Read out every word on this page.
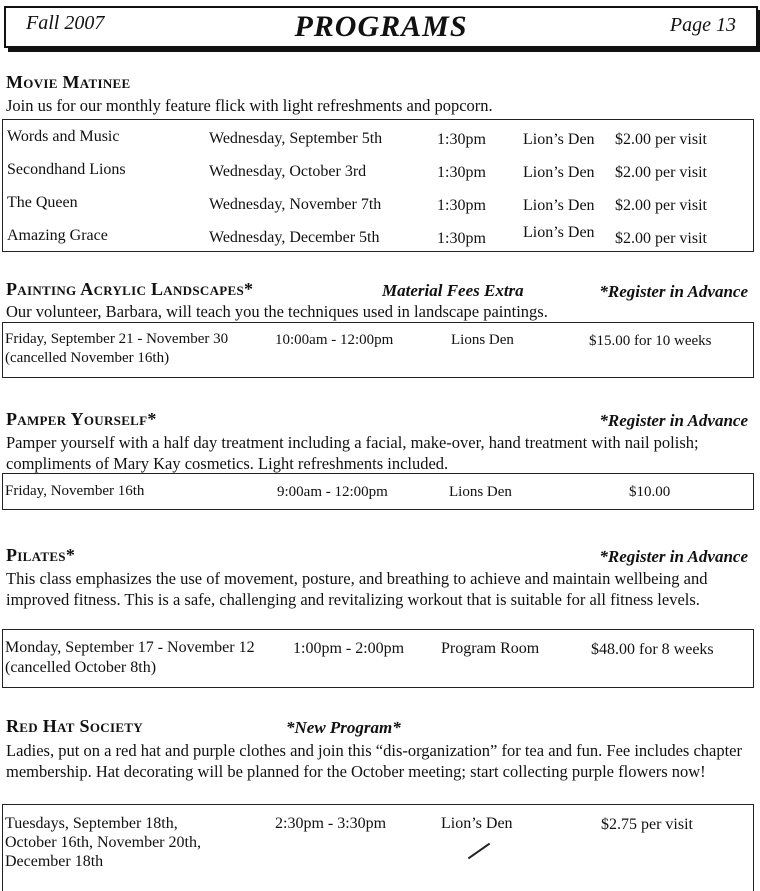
Fall 2007	PROGRAMS	Page 13
Movie Matinee
Join us for our monthly feature flick with light refreshments and popcorn.
Words and Music	Wednesday, September 5th	1:30pm Lion’s Den $2.00 per visit
Secondhand Lions	Wednesday, October 3rd	1:30pm Lion’s Den $2.00 per visit
The Queen	Wednesday, November 7th	1:30pm Lion’s Den $2.00 per visit
Amazing Grace	Wednesday, December 5th	1:30pm Lion’s Den $2.00 per visit
Painting Acrylic Landscapes*	Material Fees Extra	*Register in Advance
Our volunteer, Barbara, will teach you the techniques used in landscape paintings.
Friday, September 21 - November 30
(cancelled November 16th)
10:00am - 12:00pm	Lions Den	$15.00 for 10 weeks
Pamper Yourself*	*Register in Advance
Pamper yourself with a half day treatment including a facial, make-over, hand treatment with nail polish; compliments of Mary Kay cosmetics. Light refreshments included.
Friday, November 16th	9:00am - 12:00pm	Lions Den	$10.00
Pilates*	*Register in Advance
This class emphasizes the use of movement, posture, and breathing to achieve and maintain wellbeing and improved fitness. This is a safe, challenging and revitalizing workout that is suitable for all fitness levels.
Monday, September 17 - November 12
(cancelled October 8th)
1:00pm - 2:00pm Program Room	$48.00 for 8 weeks
Red Hat Society	*New Program*
Ladies, put on a red hat and purple clothes and join this “dis-organization” for tea and fun. Fee includes chapter membership. Hat decorating will be planned for the October meeting; start collecting purple flowers now!
Tuesdays, September 18th,
October 16th, November 20th,
December 18th
2:30pm - 3:30pm	Lion’s Den	$2.75 per visit
